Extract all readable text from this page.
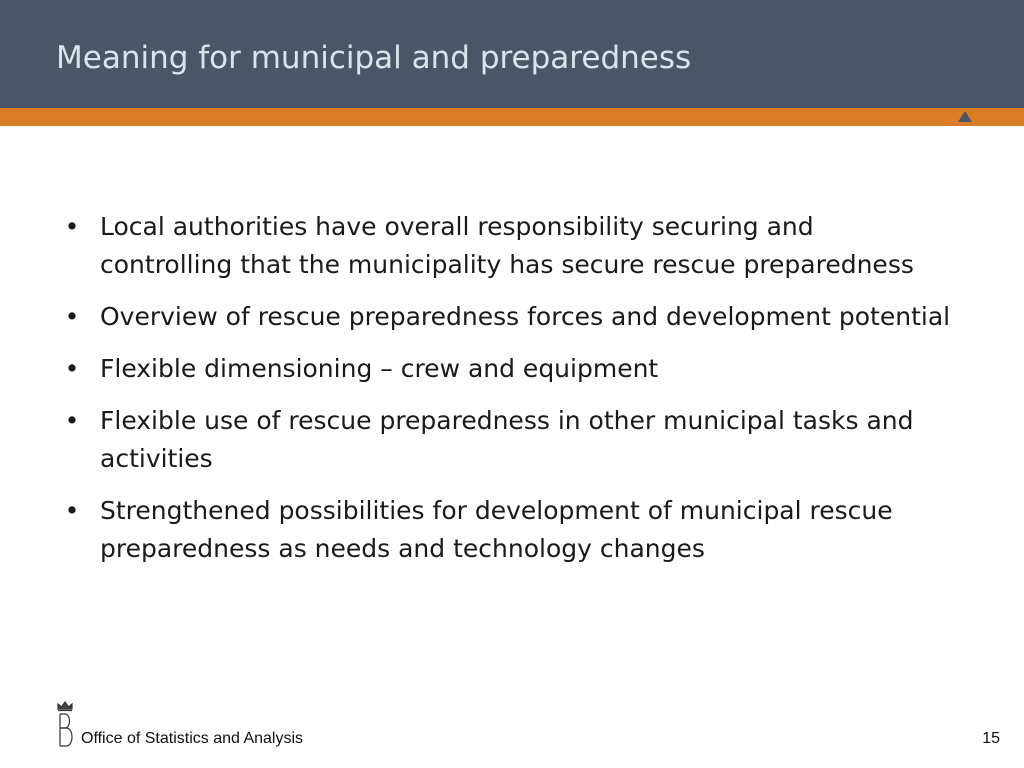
Meaning for municipal and preparedness
• Local authorities have overall responsibility securing and controlling that the municipality has secure rescue preparedness
• Overview of rescue preparedness forces and development potential
• Flexible dimensioning – crew and equipment
• Flexible use of rescue preparedness in other municipal tasks and activities
• Strengthened possibilities for development of municipal rescue preparedness as needs and technology changes
Office of Statistics and Analysis	15
